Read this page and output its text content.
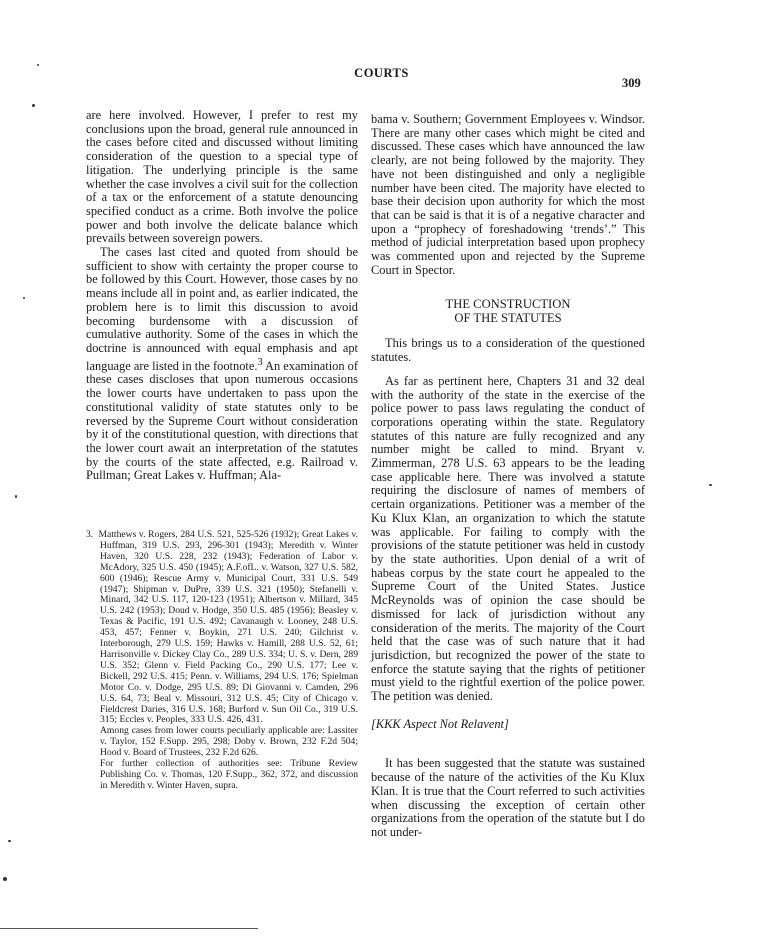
COURTS
309

are here involved. However, I prefer to rest my conclusions upon the broad, general rule announced in the cases before cited and discussed without limiting consideration of the question to a special type of litigation. The underlying principle is the same whether the case involves a civil suit for the collection of a tax or the enforcement of a statute denouncing specified conduct as a crime. Both involve the police power and both involve the delicate balance which prevails between sovereign powers.

The cases last cited and quoted from should be sufficient to show with certainty the proper course to be followed by this Court. However, those cases by no means include all in point and, as earlier indicated, the problem here is to limit this discussion to avoid becoming burdensome with a discussion of cumulative authority. Some of the cases in which the doctrine is announced with equal emphasis and apt language are listed in the footnote.$^3$ An examination of these cases discloses that upon numerous occasions the lower courts have undertaken to pass upon the constitutional validity of state statutes only to be reversed by the Supreme Court without consideration by it of the constitutional question, with directions that the lower court await an interpretation of the statutes by the courts of the state affected, e.g. Railroad v. Pullman; Great Lakes v. Huffman; Ala-

3.  Matthews v. Rogers, 284 U.S. 521, 525-526 (1932); Great Lakes v. Huffman, 319 U.S. 293, 296-301 (1943); Meredith v. Winter Haven, 320 U.S. 228, 232 (1943); Federation of Labor v. McAdory, 325 U.S. 450 (1945); A.F.ofL. v. Watson, 327 U.S. 582, 600 (1946); Rescue Army v. Municipal Court, 331 U.S. 549 (1947); Shipman v. DuPre, 339 U.S. 321 (1950); Stefanelli v. Minard, 342 U.S. 117, 120-123 (1951); Albertson v. Millard, 345 U.S. 242 (1953); Doud v. Hodge, 350 U.S. 485 (1956); Beasley v. Texas & Pacific, 191 U.S. 492; Cavanaugh v. Looney, 248 U.S. 453, 457; Fenner v. Boykin, 271 U.S. 240; Gilchrist v. Interborough, 279 U.S. 159; Hawks v. Hamill, 288 U.S. 52, 61; Harrisonville v. Dickey Clay Co., 289 U.S. 334; U. S. v. Dern, 289 U.S. 352; Glenn v. Field Packing Co., 290 U.S. 177; Lee v. Bickell, 292 U.S. 415; Penn. v. Williams, 294 U.S. 176; Spielman Motor Co. v. Dodge, 295 U.S. 89; Di Giovanni v. Camden, 296 U.S. 64, 73; Beal v. Missouri, 312 U.S. 45; City of Chicago v. Fieldcrest Daries, 316 U.S. 168; Burford v. Sun Oil Co., 319 U.S. 315; Eccles v. Peoples, 333 U.S. 426, 431.

Among cases from lower courts peculiarly applicable are: Lassiter v. Taylor, 152 F.Supp. 295, 298; Doby v. Brown, 232 F.2d 504; Hood v. Board of Trustees, 232 F.2d 626.

For further collection of authorities see: Tribune Review Publishing Co. v. Thomas, 120 F.Supp., 362, 372, and discussion in Meredith v. Winter Haven, supra.

bama v. Southern; Government Employees v. Windsor. There are many other cases which might be cited and discussed. These cases which have announced the law clearly, are not being followed by the majority. They have not been distinguished and only a negligible number have been cited. The majority have elected to base their decision upon authority for which the most that can be said is that it is of a negative character and upon a “prophecy of foreshadowing ‘trends’.” This method of judicial interpretation based upon prophecy was commented upon and rejected by the Supreme Court in Spector.

THE CONSTRUCTION
OF THE STATUTES

This brings us to a consideration of the questioned statutes.

As far as pertinent here, Chapters 31 and 32 deal with the authority of the state in the exercise of the police power to pass laws regulating the conduct of corporations operating within the state. Regulatory statutes of this nature are fully recognized and any number might be called to mind. Bryant v. Zimmerman, 278 U.S. 63 appears to be the leading case applicable here. There was involved a statute requiring the disclosure of names of members of certain organizations. Petitioner was a member of the Ku Klux Klan, an organization to which the statute was applicable. For failing to comply with the provisions of the statute petitioner was held in custody by the state authorities. Upon denial of a writ of habeas corpus by the state court he appealed to the Supreme Court of the United States. Justice McReynolds was of opinion the case should be dismissed for lack of jurisdiction without any consideration of the merits. The majority of the Court held that the case was of such nature that it had jurisdiction, but recognized the power of the state to enforce the statute saying that the rights of petitioner must yield to the rightful exertion of the police power. The petition was denied.

[KKK Aspect Not Relavent]

It has been suggested that the statute was sustained because of the nature of the activities of the Ku Klux Klan. It is true that the Court referred to such activities when discussing the exception of certain other organizations from the operation of the statute but I do not under-
